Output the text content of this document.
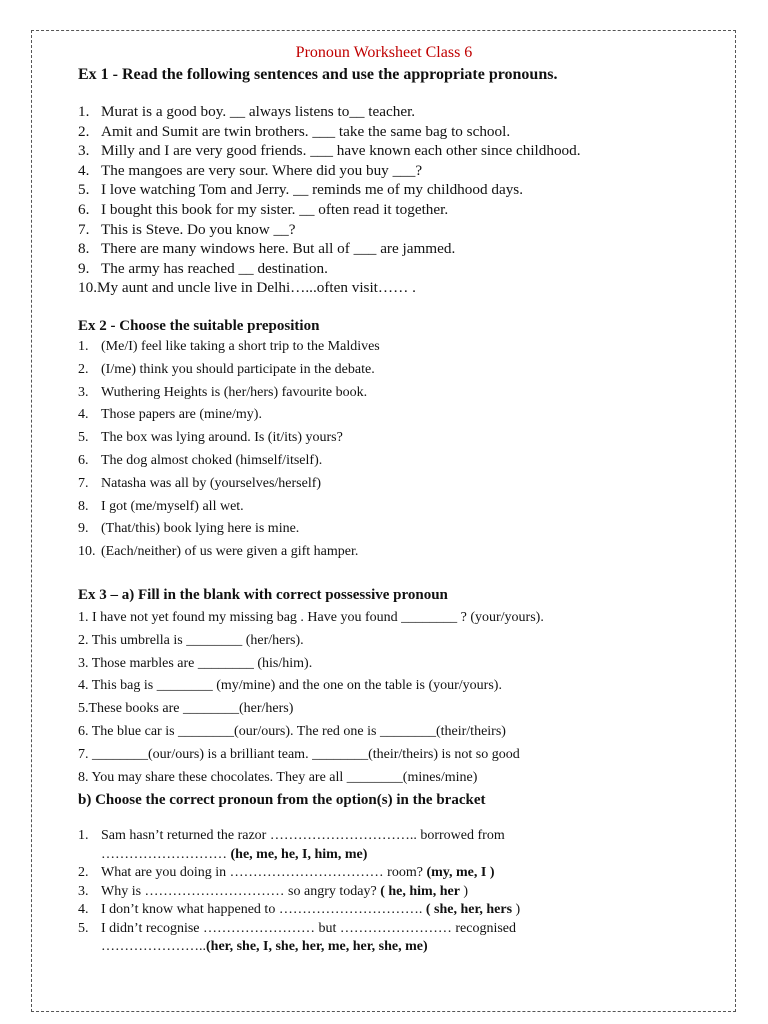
Pronoun Worksheet Class 6
Ex 1 - Read the following sentences and use the appropriate pronouns.
1. Murat is a good boy. __ always listens to__ teacher.
2. Amit and Sumit are twin brothers. ___ take the same bag to school.
3. Milly and I are very good friends. ___ have known each other since childhood.
4. The mangoes are very sour. Where did you buy ___?
5. I love watching Tom and Jerry. __ reminds me of my childhood days.
6. I bought this book for my sister. __ often read it together.
7. This is Steve. Do you know __?
8. There are many windows here. But all of ___ are jammed.
9. The army has reached __ destination.
10.My aunt and uncle live in Delhi…...often visit…… .
Ex 2 - Choose the suitable preposition
1. (Me/I) feel like taking a short trip to the Maldives
2. (I/me) think you should participate in the debate.
3. Wuthering Heights is (her/hers) favourite book.
4. Those papers are (mine/my).
5. The box was lying around. Is (it/its) yours?
6. The dog almost choked (himself/itself).
7. Natasha was all by (yourselves/herself)
8. I got (me/myself) all wet.
9. (That/this) book lying here is mine.
10. (Each/neither) of us were given a gift hamper.
Ex 3 – a) Fill in the blank with correct possessive pronoun
1. I have not yet found my missing bag . Have you found ________ ? (your/yours).
2. This umbrella is ________ (her/hers).
3. Those marbles are ________ (his/him).
4. This bag is ________ (my/mine) and the one on the table is (your/yours).
5.These books are ________(her/hers)
6. The blue car is ________(our/ours). The red one is ________(their/theirs)
7. ________(our/ours) is a brilliant team. ________(their/theirs) is not so good
8. You may share these chocolates. They are all ________(mines/mine)
b) Choose the correct pronoun from the option(s) in the bracket
1. Sam hasn’t returned the razor ………………………….. borrowed from
……………………… (he, me, he, I, him, me)
2. What are you doing in …………………………… room? (my, me, I )
3. Why is ………………………… so angry today? ( he, him, her )
4. I don’t know what happened to …………………………. ( she, her, hers )
5. I didn’t recognise …………………… but …………………… recognised
…………………..(her, she, I, she, her, me, her, she, me)
